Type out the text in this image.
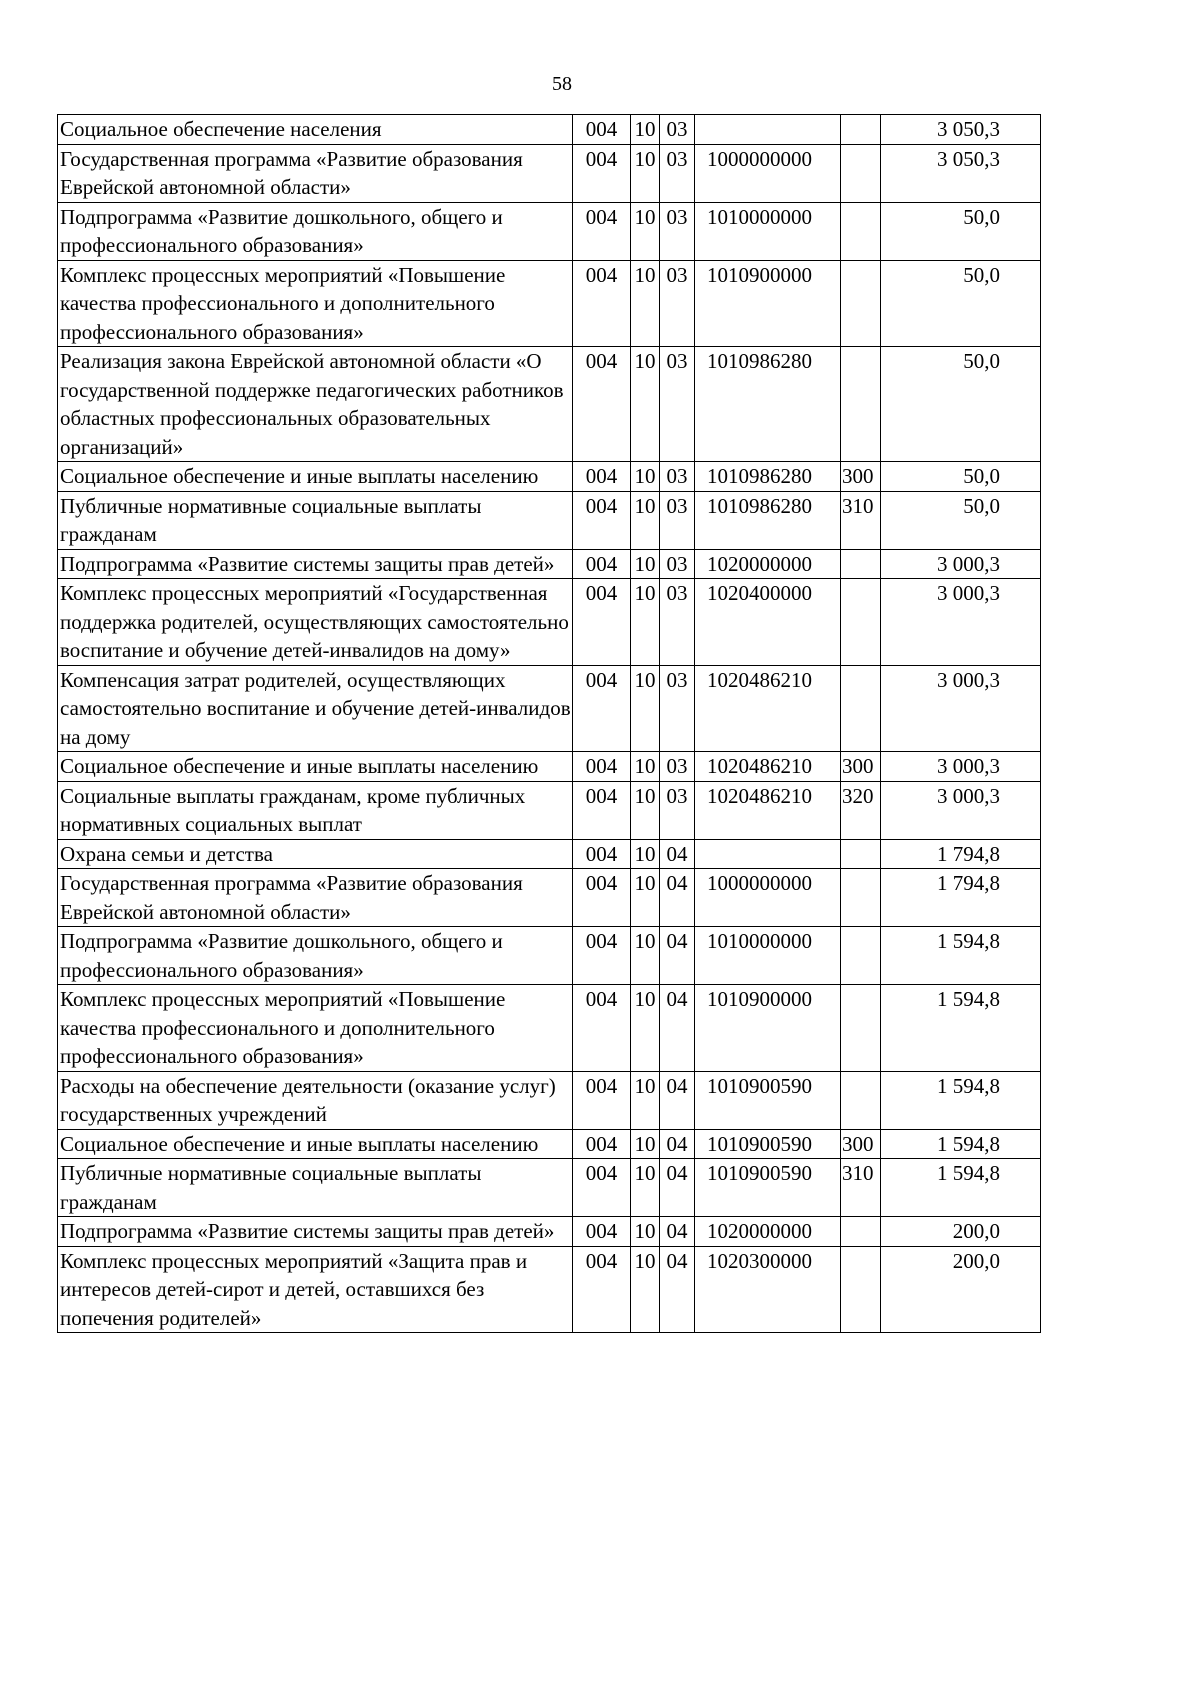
58
Социальное обеспечение населения	004	10	03			3 050,3
Государственная программа «Развитие образования Еврейской автономной области»	004	10	03	1000000000		3 050,3
Подпрограмма «Развитие дошкольного, общего и профессионального образования»	004	10	03	1010000000		50,0
Комплекс процессных мероприятий «Повышение качества профессионального и дополнительного профессионального образования»	004	10	03	1010900000		50,0
Реализация закона Еврейской автономной области «О государственной поддержке педагогических работников областных профессиональных образовательных организаций»	004	10	03	1010986280		50,0
Социальное обеспечение и иные выплаты населению	004	10	03	1010986280	300	50,0
Публичные нормативные социальные выплаты гражданам	004	10	03	1010986280	310	50,0
Подпрограмма «Развитие системы защиты прав детей»	004	10	03	1020000000		3 000,3
Комплекс процессных мероприятий «Государственная поддержка родителей, осуществляющих самостоятельно воспитание и обучение детей-инвалидов на дому»	004	10	03	1020400000		3 000,3
Компенсация затрат родителей, осуществляющих самостоятельно воспитание и обучение детей-инвалидов на дому	004	10	03	1020486210		3 000,3
Социальное обеспечение и иные выплаты населению	004	10	03	1020486210	300	3 000,3
Социальные выплаты гражданам, кроме публичных нормативных социальных выплат	004	10	03	1020486210	320	3 000,3
Охрана семьи и детства	004	10	04			1 794,8
Государственная программа «Развитие образования Еврейской автономной области»	004	10	04	1000000000		1 794,8
Подпрограмма «Развитие дошкольного, общего и профессионального образования»	004	10	04	1010000000		1 594,8
Комплекс процессных мероприятий «Повышение качества профессионального и дополнительного профессионального образования»	004	10	04	1010900000		1 594,8
Расходы на обеспечение деятельности (оказание услуг) государственных учреждений	004	10	04	1010900590		1 594,8
Социальное обеспечение и иные выплаты населению	004	10	04	1010900590	300	1 594,8
Публичные нормативные социальные выплаты гражданам	004	10	04	1010900590	310	1 594,8
Подпрограмма «Развитие системы защиты прав детей»	004	10	04	1020000000		200,0
Комплекс процессных мероприятий «Защита прав и интересов детей-сирот и детей, оставшихся без попечения родителей»	004	10	04	1020300000		200,0
